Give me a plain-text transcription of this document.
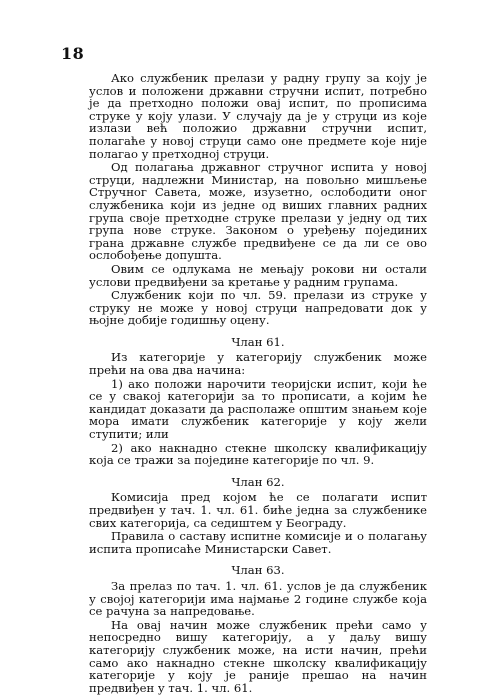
18

Ако службеник прелази у радну групу за коју је услов и положени државни стручни испит, потребно је да претходно положи овај испит, по прописима струке у коју улази. У случају да је у струци из које излази већ положио државни стручни испит, полагаће у новој струци само оне предмете које није полагао у претходној струци.

Од полагања државног стручног испита у новој струци, надлежни Министар, на повољно мишљење Стручног Савета, може, изузетно, ослободити оног службеника који из једне од виших главних радних група своје претходне струке прелази у једну од тих група нове струке. Законом о уређењу појединих грана државне службе предвиђене се да ли се ово ослобођење допушта.

Овим се одлукама не мењају рокови ни остали услови предвиђени за кретање у радним групама.

Службеник који по чл. 59. прелази из струке у струку не може у новој струци напредовати док у њојне добије годишњу оцену.

Члан 61.

Из категорије у категорију службеник може прећи на ова два начина:

1) ако положи нарочити теоријски испит, који ће се у свакој категорији за то прописати, а којим ће кандидат доказати да располаже општим знањем које мора имати службеник категорије у коју жели ступити; или

2) ако накнадно стекне школску квалификацију која се тражи за поједине категорије по чл. 9.

Члан 62.

Комисија пред којом ће се полагати испит предвиђен у тач. 1. чл. 61. биће једна за службенике свих категорија, са седиштем у Београду.

Правила о саставу испитне комисије и о полагању испита прописаће Министарски Савет.

Члан 63.

За прелаз по тач. 1. чл. 61. услов је да службеник у својој категорији има најмање 2 године службе која се рачуна за напредовање.

На овај начин може службеник прећи само у непосредно вишу категорију, а у даљу вишу категорију службеник може, на исти начин, прећи само ако накнадно стекне школску квалификацију категорије у коју је раније прешао на начин предвиђен у тач. 1. чл. 61.
